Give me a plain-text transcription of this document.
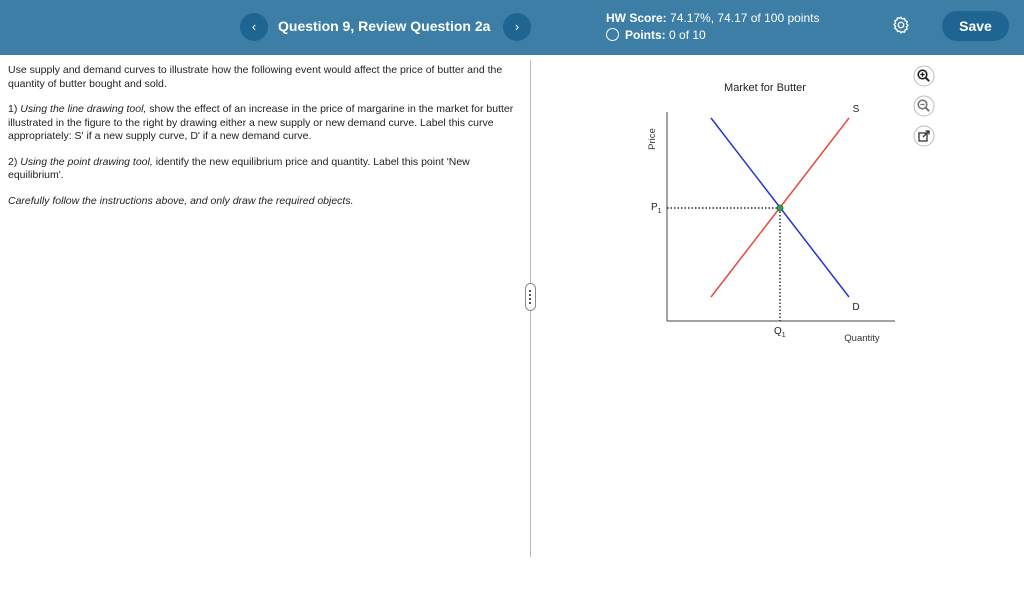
‹	Question 9, Review Question 2a	›
HW Score: 74.17%, 74.17 of 100 points
Points: 0 of 10
Save

Use supply and demand curves to illustrate how the following event would affect the price of butter and the quantity of butter bought and sold.

1) Using the line drawing tool, show the effect of an increase in the price of margarine in the market for butter illustrated in the figure to the right by drawing either a new supply or new demand curve. Label this curve appropriately: S' if a new supply curve, D' if a new demand curve.

2) Using the point drawing tool, identify the new equilibrium price and quantity. Label this point 'New equilibrium'.

Carefully follow the instructions above, and only draw the required objects.

Market for Butter
Price
S
D
$P_1$
$Q_1$	Quantity
